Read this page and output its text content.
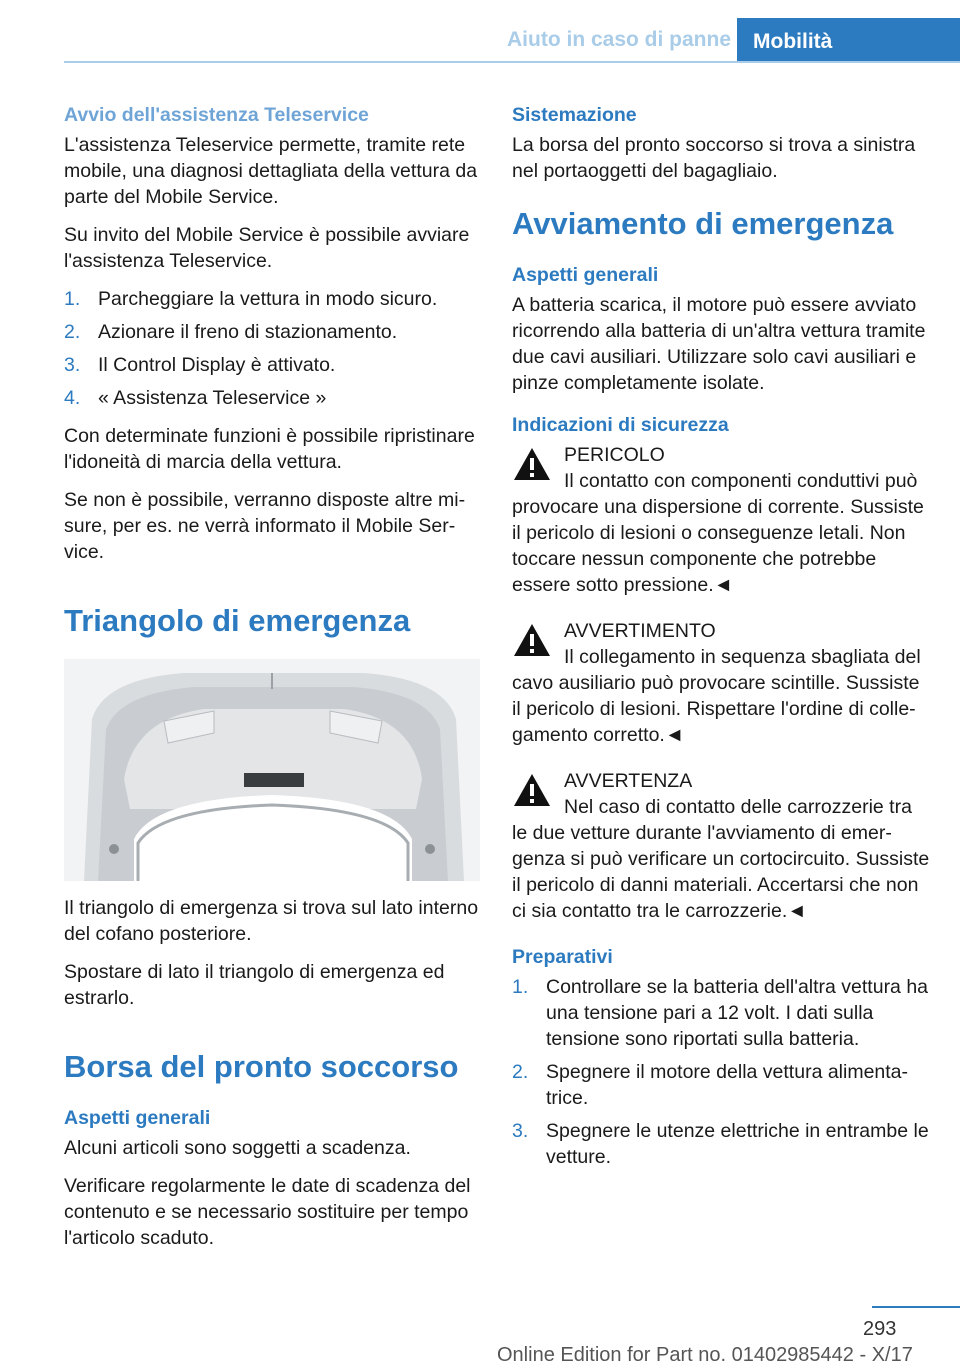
Aiuto in caso di panne	Mobilità
Avvio dell'assistenza Teleservice

L'assistenza Teleservice permette, tramite rete mobile, una diagnosi dettagliata della vettura da parte del Mobile Service.

Su invito del Mobile Service è possibile avviare l'assistenza Teleservice.

1. Parcheggiare la vettura in modo sicuro.
2. Azionare il freno di stazionamento.
3. Il Control Display è attivato.
4. « Assistenza Teleservice »

Con determinate funzioni è possibile ripristinare l'idoneità di marcia della vettura.

Se non è possibile, verranno disposte altre misure, per es. ne verrà informato il Mobile Service.

Triangolo di emergenza

Il triangolo di emergenza si trova sul lato interno del cofano posteriore.

Spostare di lato il triangolo di emergenza ed estrarlo.

Borsa del pronto soccorso
Aspetti generali

Alcuni articoli sono soggetti a scadenza.

Verificare regolarmente le date di scadenza del contenuto e se necessario sostituire per tempo l'articolo scaduto.

Sistemazione

La borsa del pronto soccorso si trova a sinistra nel portaoggetti del bagagliaio.

Avviamento di emergenza
Aspetti generali

A batteria scarica, il motore può essere avviato ricorrendo alla batteria di un'altra vettura tramite due cavi ausiliari. Utilizzare solo cavi ausiliari e pinze completamente isolate.

Indicazioni di sicurezza
PERICOLO
Il contatto con componenti conduttivi può provocare una dispersione di corrente. Sussiste il pericolo di lesioni o conseguenze letali. Non toccare nessun componente che potrebbe essere sotto pressione.◄
AVVERTIMENTO
Il collegamento in sequenza sbagliata del cavo ausiliario può provocare scintille. Sussiste il pericolo di lesioni. Rispettare l'ordine di collegamento corretto.◄
AVVERTENZA
Nel caso di contatto delle carrozzerie tra le due vetture durante l'avviamento di emergenza si può verificare un cortocircuito. Sussiste il pericolo di danni materiali. Accertarsi che non ci sia contatto tra le carrozzerie.◄
Preparativi
1. Controllare se la batteria dell'altra vettura ha una tensione pari a 12 volt. I dati sulla tensione sono riportati sulla batteria.
2. Spegnere il motore della vettura alimentatrice.
3. Spegnere le utenze elettriche in entrambe le vetture.
293
Online Edition for Part no. 01402985442 - X/17
